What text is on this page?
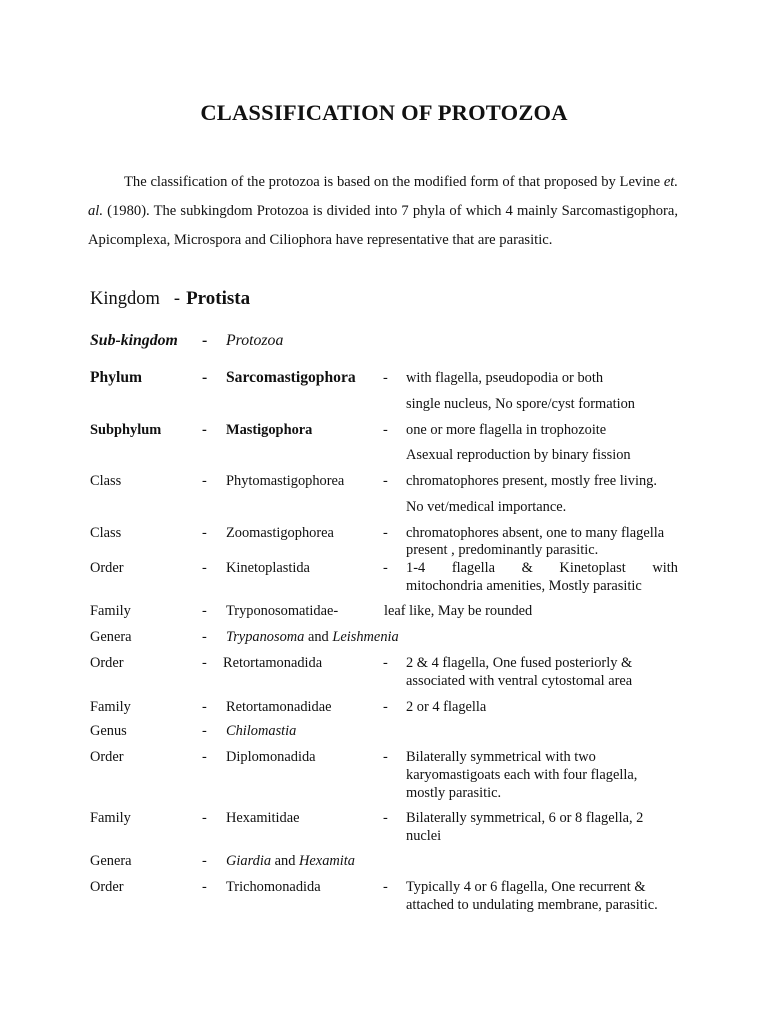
CLASSIFICATION OF PROTOZOA

The classification of the protozoa is based on the modified form of that proposed by Levine et. al. (1980). The subkingdom Protozoa is divided into 7 phyla of which 4 mainly Sarcomastigophora, Apicomplexa, Microspora and Ciliophora have representative that are parasitic.

Kingdom - Protista
Sub-kingdom - Protozoa
Phylum	- Sarcomastigophora - with flagella, pseudopodia or both
single nucleus, No spore/cyst formation
Subphylum	- Mastigophora	- one or more flagella in trophozoite
Asexual reproduction by binary fission
Class	- Phytomastigophorea	- chromatophores present, mostly free living.
No vet/medical importance.
Class	- Zoomastigophorea	- chromatophores absent, one to many flagella
present , predominantly parasitic.
Order	- Kinetoplastida	- 1-4 flagella & Kinetoplast with
mitochondria amenities, Mostly parasitic
Family	- Tryponosomatidae-	leaf like, May be rounded
Genera	- Trypanosoma and Leishmenia
Order	- Retortamonadida	- 2 & 4 flagella, One fused posteriorly &
associated with ventral cytostomal area
Family	- Retortamonadidae	- 2 or 4 flagella
Genus	- Chilomastia
Order	- Diplomonadida	- Bilaterally symmetrical with two
karyomastigoats each with four flagella,
mostly parasitic.
Family	- Hexamitidae	- Bilaterally symmetrical, 6 or 8 flagella, 2
nuclei
Genera	- Giardia and Hexamita
Order	- Trichomonadida	- Typically 4 or 6 flagella, One recurrent &
attached to undulating membrane, parasitic.
